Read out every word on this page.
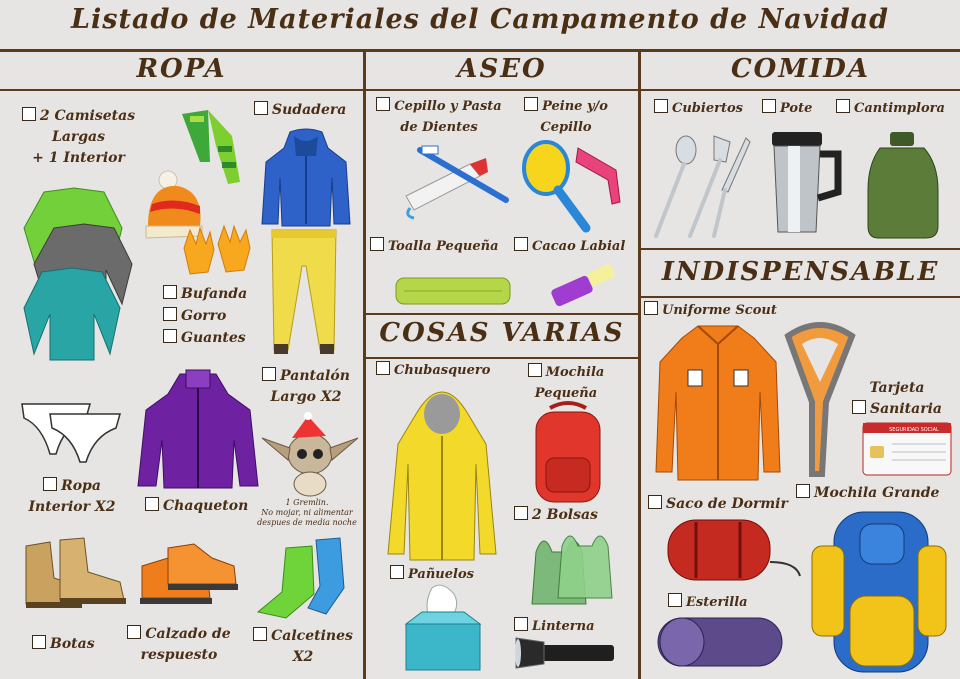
Listado de Materiales del Campamento de Navidad
ROPA	ASEO	COMIDA
COSAS VARIAS
INDISPENSABLE
2 Camisetas
Largas
+ 1 Interior
Sudadera
Bufanda
Gorro
Guantes
Pantalón
Largo X2
1 Gremlin.
No mojar, ni alimentar
despues de media noche
Ropa
Interior X2	Chaqueton
Botas
Calzado de
respuesto
Calcetines
X2
Cepillo y Pasta
de Dientes
Peine y/o
Cepillo
Toalla Pequeña	Cacao Labial
Chubasquero	Mochila
Pequeña
2 Bolsas
Pañuelos
Linterna
Cubiertos	Pote	Cantimplora
Uniforme Scout
Tarjeta
Sanitaria
Saco de Dormir
Mochila Grande
Esterilla
SEGURIDAD SOCIAL
